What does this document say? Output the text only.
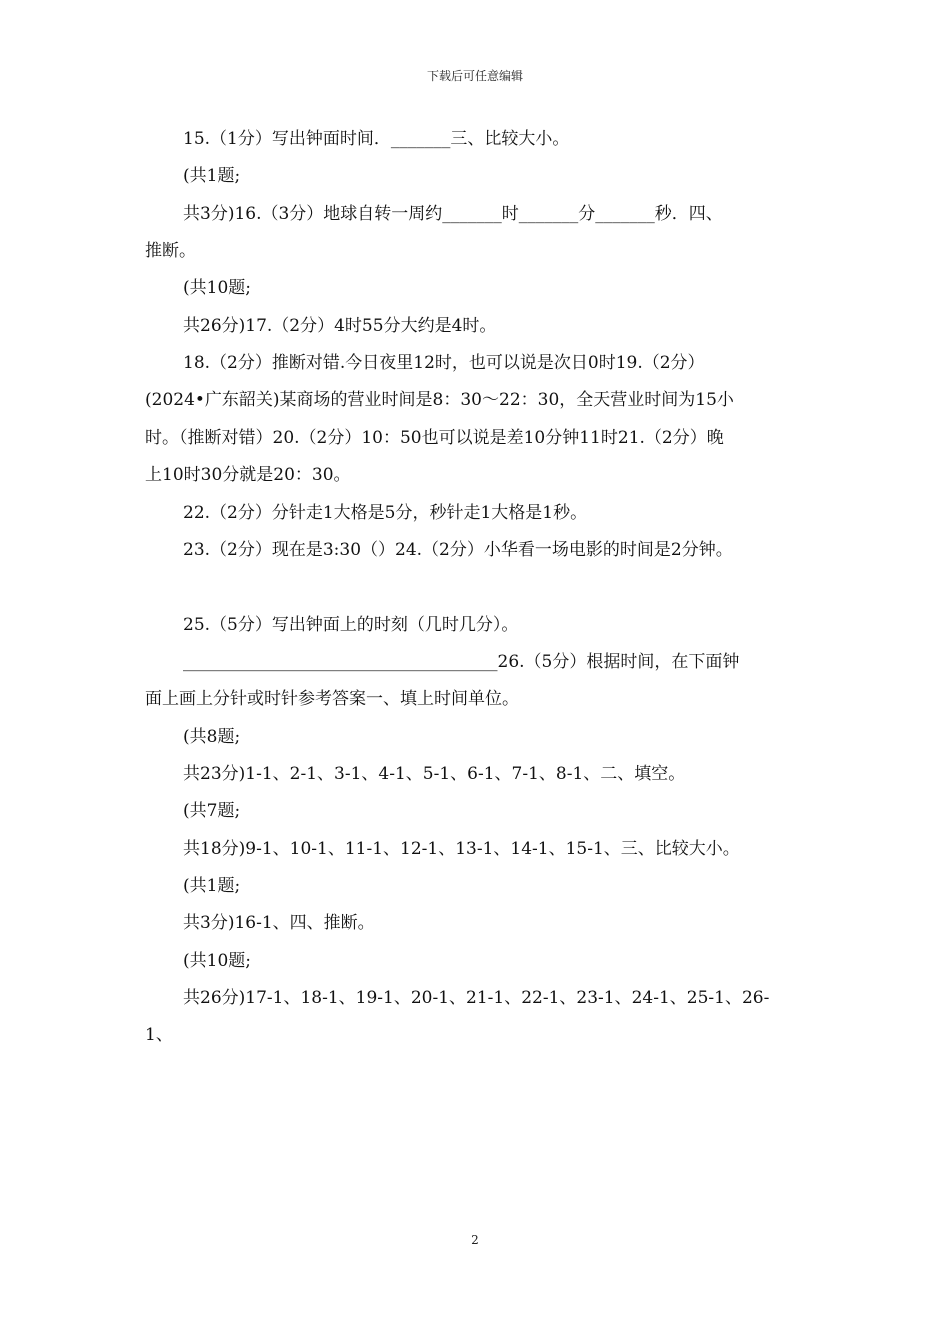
下载后可任意编辑
15.（1分）写出钟面时间．_______三、比较大小。
(共1题;
共3分)16.（3分）地球自转一周约_______时_______分_______秒．四、
推断。
(共10题;
共26分)17.（2分）4时55分大约是4时。
18.（2分）推断对错.今日夜里12时，也可以说是次日0时19.（2分）
(2024•广东韶关)某商场的营业时间是8：30～22：30，全天营业时间为15小
时。（推断对错）20.（2分）10：50也可以说是差10分钟11时21.（2分）晚
上10时30分就是20：30。
22.（2分）分针走1大格是5分，秒针走1大格是1秒。
23.（2分）现在是3:30（）24.（2分）小华看一场电影的时间是2分钟。
25.（5分）写出钟面上的时刻（几时几分）。
_____________________________________26.（5分）根据时间，在下面钟
面上画上分针或时针参考答案一、填上时间单位。
(共8题;
共23分)1-1、2-1、3-1、4-1、5-1、6-1、7-1、8-1、二、填空。
(共7题;
共18分)9-1、10-1、11-1、12-1、13-1、14-1、15-1、三、比较大小。
(共1题;
共3分)16-1、四、推断。
(共10题;
共26分)17-1、18-1、19-1、20-1、21-1、22-1、23-1、24-1、25-1、26-
1、
2
